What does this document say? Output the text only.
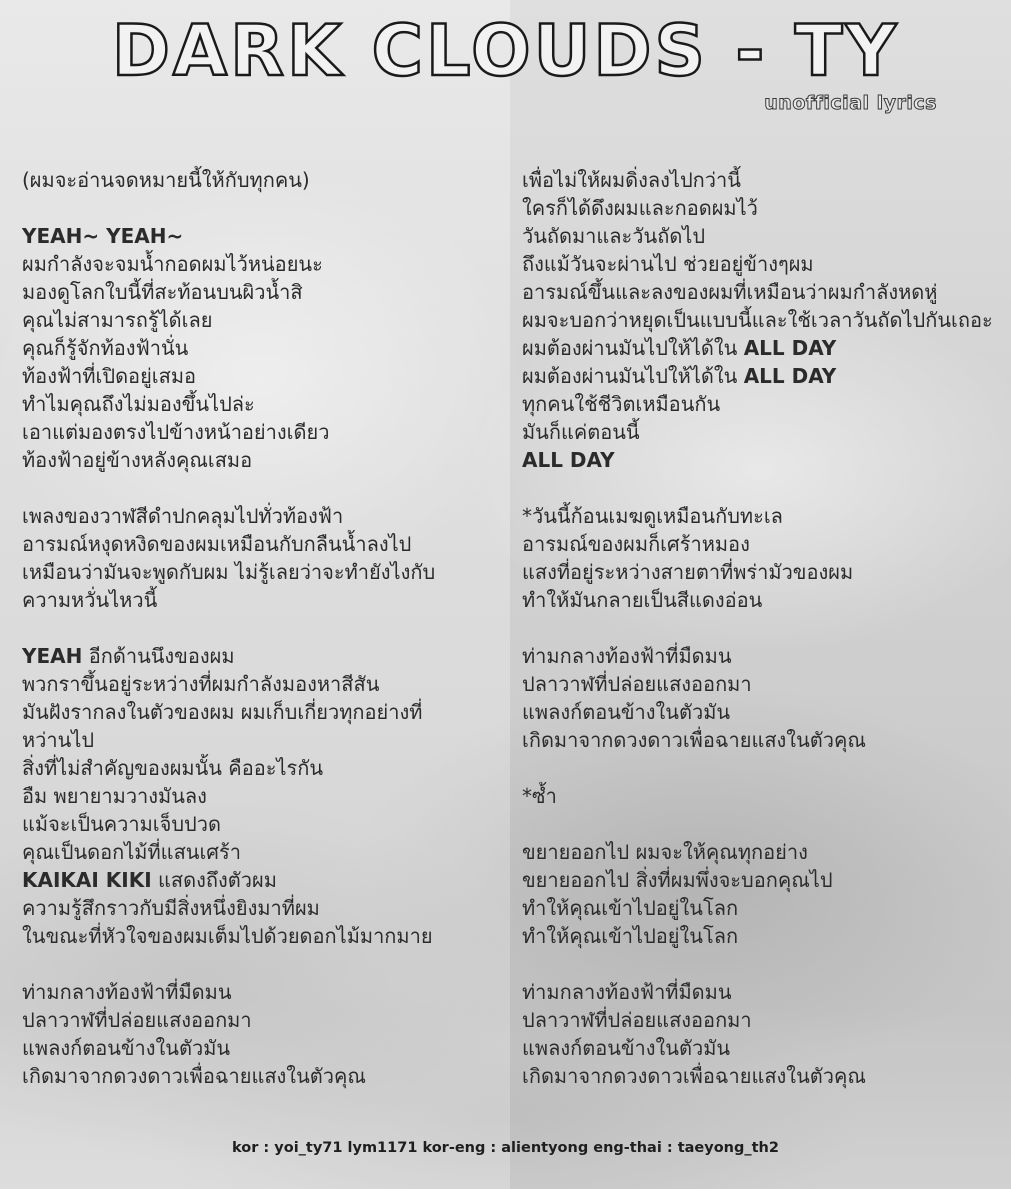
DARK CLOUDS - TY
unofficial lyrics
(ผมจะอ่านจดหมายนี้ให้กับทุกคน)
YEAH~ YEAH~
ผมกำลังจะจมน้ำกอดผมไว้หน่อยนะ
มองดูโลกใบนี้ที่สะท้อนบนผิวน้ำสิ
คุณไม่สามารถรู้ได้เลย
คุณก็รู้จักท้องฟ้านั่น
ท้องฟ้าที่เปิดอยู่เสมอ
ทำไมคุณถึงไม่มองขึ้นไปล่ะ
เอาแต่มองตรงไปข้างหน้าอย่างเดียว
ท้องฟ้าอยู่ข้างหลังคุณเสมอ
เพลงของวาฬสีดำปกคลุมไปทั่วท้องฟ้า
อารมณ์หงุดหงิดของผมเหมือนกับกลืนน้ำลงไป
เหมือนว่ามันจะพูดกับผม ไม่รู้เลยว่าจะทำยังไงกับ
ความหวั่นไหวนี้
YEAH อีกด้านนึงของผม
พวกราขึ้นอยู่ระหว่างที่ผมกำลังมองหาสีสัน
มันฝังรากลงในตัวของผม ผมเก็บเกี่ยวทุกอย่างที่
หว่านไป
สิ่งที่ไม่สำคัญของผมนั้น คืออะไรกัน
อืม พยายามวางมันลง
แม้จะเป็นความเจ็บปวด
คุณเป็นดอกไม้ที่แสนเศร้า
KAIKAI KIKI แสดงถึงตัวผม
ความรู้สึกราวกับมีสิ่งหนึ่งยิงมาที่ผม
ในขณะที่หัวใจของผมเต็มไปด้วยดอกไม้มากมาย
ท่ามกลางท้องฟ้าที่มืดมน
ปลาวาฬที่ปล่อยแสงออกมา
แพลงก์ตอนข้างในตัวมัน
เกิดมาจากดวงดาวเพื่อฉายแสงในตัวคุณ
เพื่อไม่ให้ผมดิ่งลงไปกว่านี้
ใครก็ได้ดึงผมและกอดผมไว้
วันถัดมาและวันถัดไป
ถึงแม้วันจะผ่านไป ช่วยอยู่ข้างๆผม
อารมณ์ขึ้นและลงของผมที่เหมือนว่าผมกำลังหดหู่
ผมจะบอกว่าหยุดเป็นแบบนี้และใช้เวลาวันถัดไปกันเถอะ
ผมต้องผ่านมันไปให้ได้ใน ALL DAY
ผมต้องผ่านมันไปให้ได้ใน ALL DAY
ทุกคนใช้ชีวิตเหมือนกัน
มันก็แค่ตอนนี้
ALL DAY
*วันนี้ก้อนเมฆดูเหมือนกับทะเล
อารมณ์ของผมก็เศร้าหมอง
แสงที่อยู่ระหว่างสายตาที่พร่ามัวของผม
ทำให้มันกลายเป็นสีแดงอ่อน
ท่ามกลางท้องฟ้าที่มืดมน
ปลาวาฬที่ปล่อยแสงออกมา
แพลงก์ตอนข้างในตัวมัน
เกิดมาจากดวงดาวเพื่อฉายแสงในตัวคุณ
*ซ้ำ
ขยายออกไป ผมจะให้คุณทุกอย่าง
ขยายออกไป สิ่งที่ผมพึ่งจะบอกคุณไป
ทำให้คุณเข้าไปอยู่ในโลก
ทำให้คุณเข้าไปอยู่ในโลก
ท่ามกลางท้องฟ้าที่มืดมน
ปลาวาฬที่ปล่อยแสงออกมา
แพลงก์ตอนข้างในตัวมัน
เกิดมาจากดวงดาวเพื่อฉายแสงในตัวคุณ
kor : yoi_ty71 lym1171 kor-eng : alientyong eng-thai : taeyong_th2
